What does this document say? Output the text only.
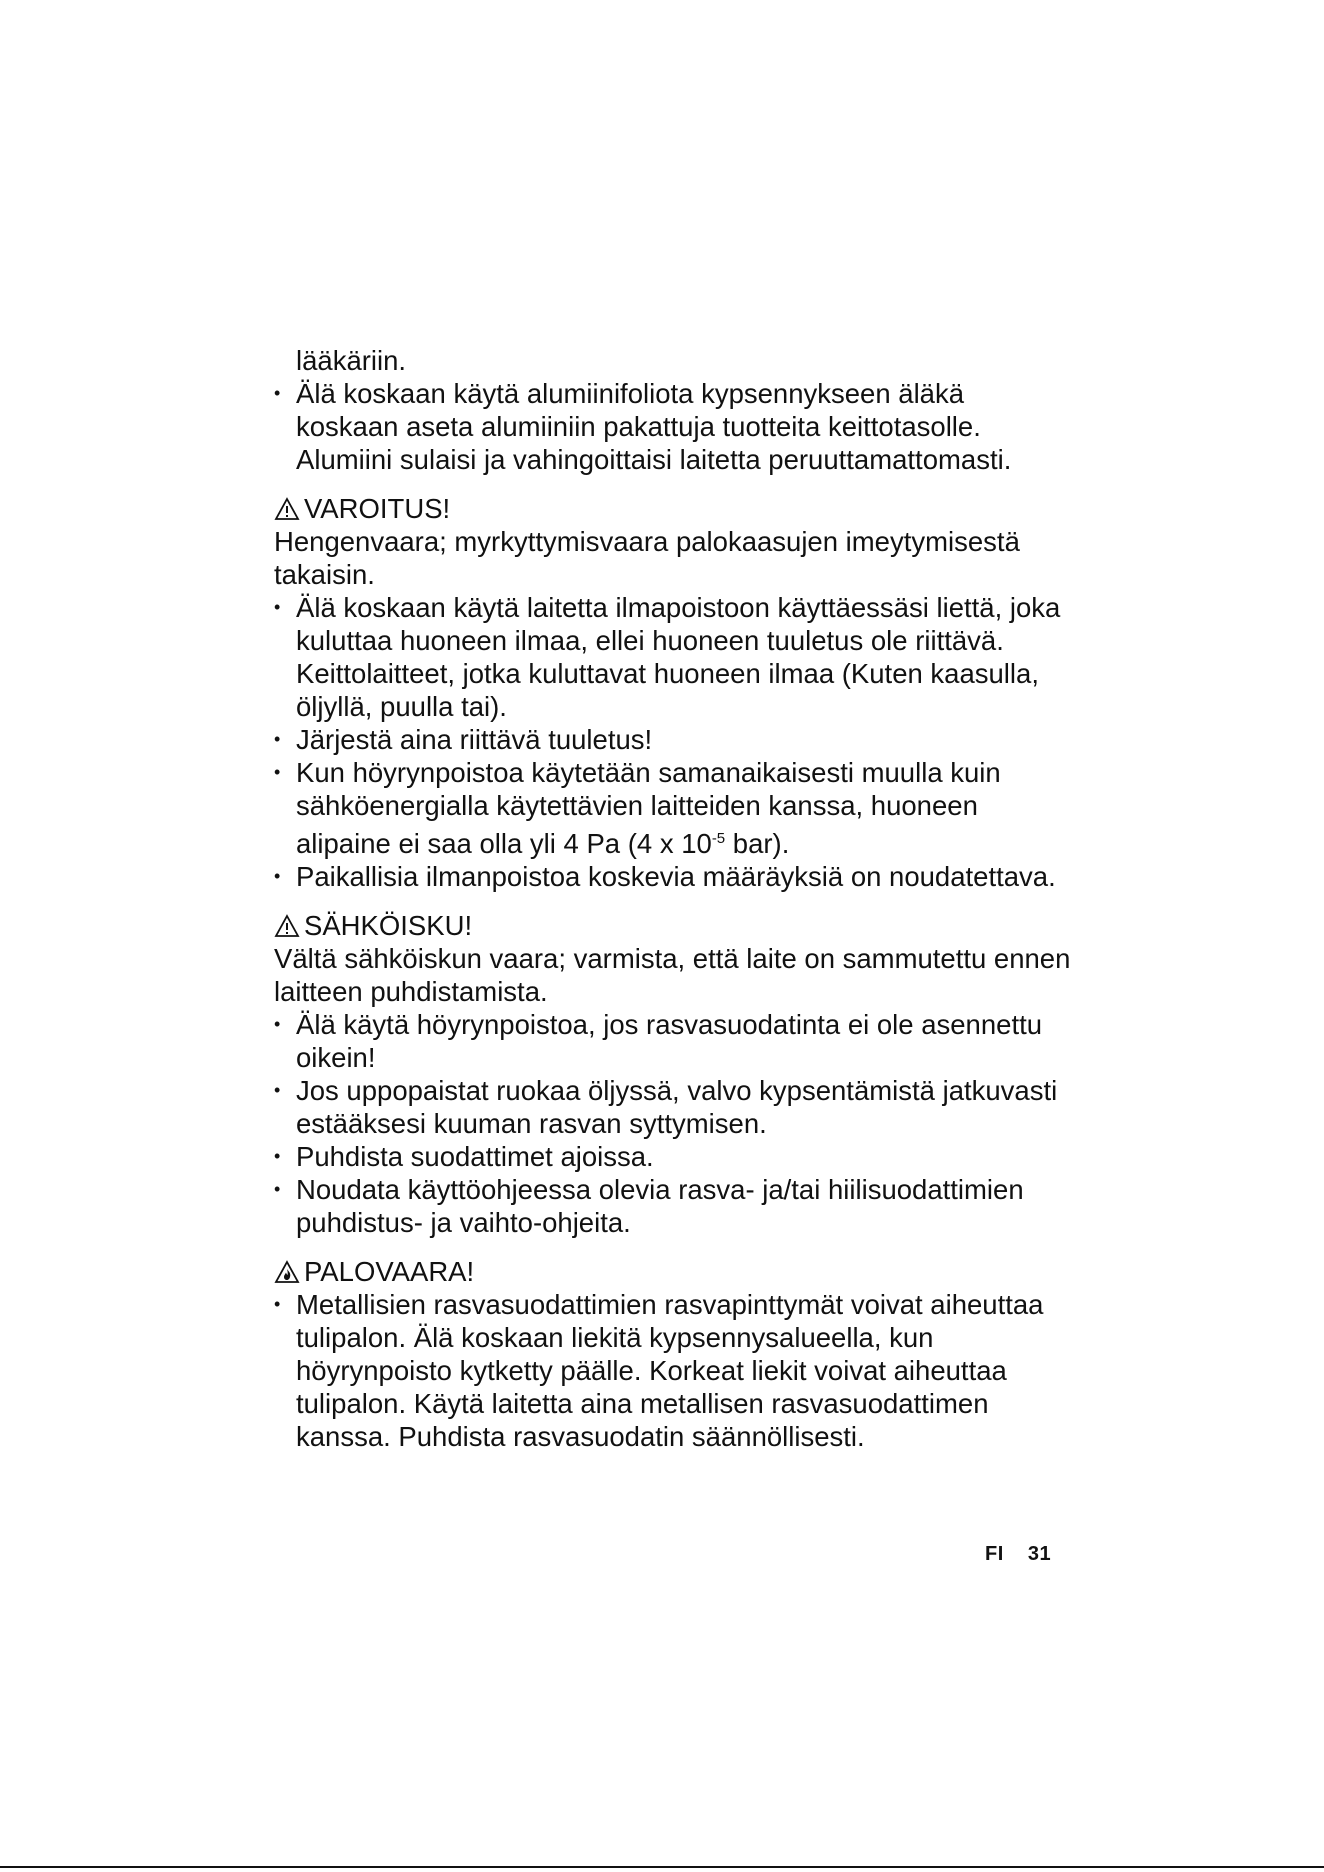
lääkäriin.

• Älä koskaan käytä alumiinifoliota kypsennykseen äläkä koskaan aseta alumiiniin pakattuja tuotteita keittotasolle. Alumiini sulaisi ja vahingoittaisi laitetta peruuttamattomasti.
VAROITUS!

Hengenvaara; myrkyttymisvaara palokaasujen imeytymisestä takaisin.

• Älä koskaan käytä laitetta ilmapoistoon käyttäessäsi liettä, joka kuluttaa huoneen ilmaa, ellei huoneen tuuletus ole riittävä. Keittolaitteet, jotka kuluttavat huoneen ilmaa (Kuten kaasulla, öljyllä, puulla tai).
• Järjestä aina riittävä tuuletus!
• Kun höyrynpoistoa käytetään samanaikaisesti muulla kuin sähköenergialla käytettävien laitteiden kanssa, huoneen alipaine ei saa olla yli 4 Pa (4 x $10^{-5}$ bar).
• Paikallisia ilmanpoistoa koskevia määräyksiä on noudatettava.
SÄHKÖISKU!

Vältä sähköiskun vaara; varmista, että laite on sammutettu ennen laitteen puhdistamista.

• Älä käytä höyrynpoistoa, jos rasvasuodatinta ei ole asennettu oikein!
• Jos uppopaistat ruokaa öljyssä, valvo kypsentämistä jatkuvasti estääksesi kuuman rasvan syttymisen.
• Puhdista suodattimet ajoissa.
• Noudata käyttöohjeessa olevia rasva- ja/tai hiilisuodattimien puhdistus- ja vaihto-ohjeita.
PALOVAARA!
• Metallisien rasvasuodattimien rasvapinttymät voivat aiheuttaa tulipalon. Älä koskaan liekitä kypsennysalueella, kun höyrynpoisto kytketty päälle. Korkeat liekit voivat aiheuttaa tulipalon. Käytä laitetta aina metallisen rasvasuodattimen kanssa. Puhdista rasvasuodatin säännöllisesti.
FI 31
